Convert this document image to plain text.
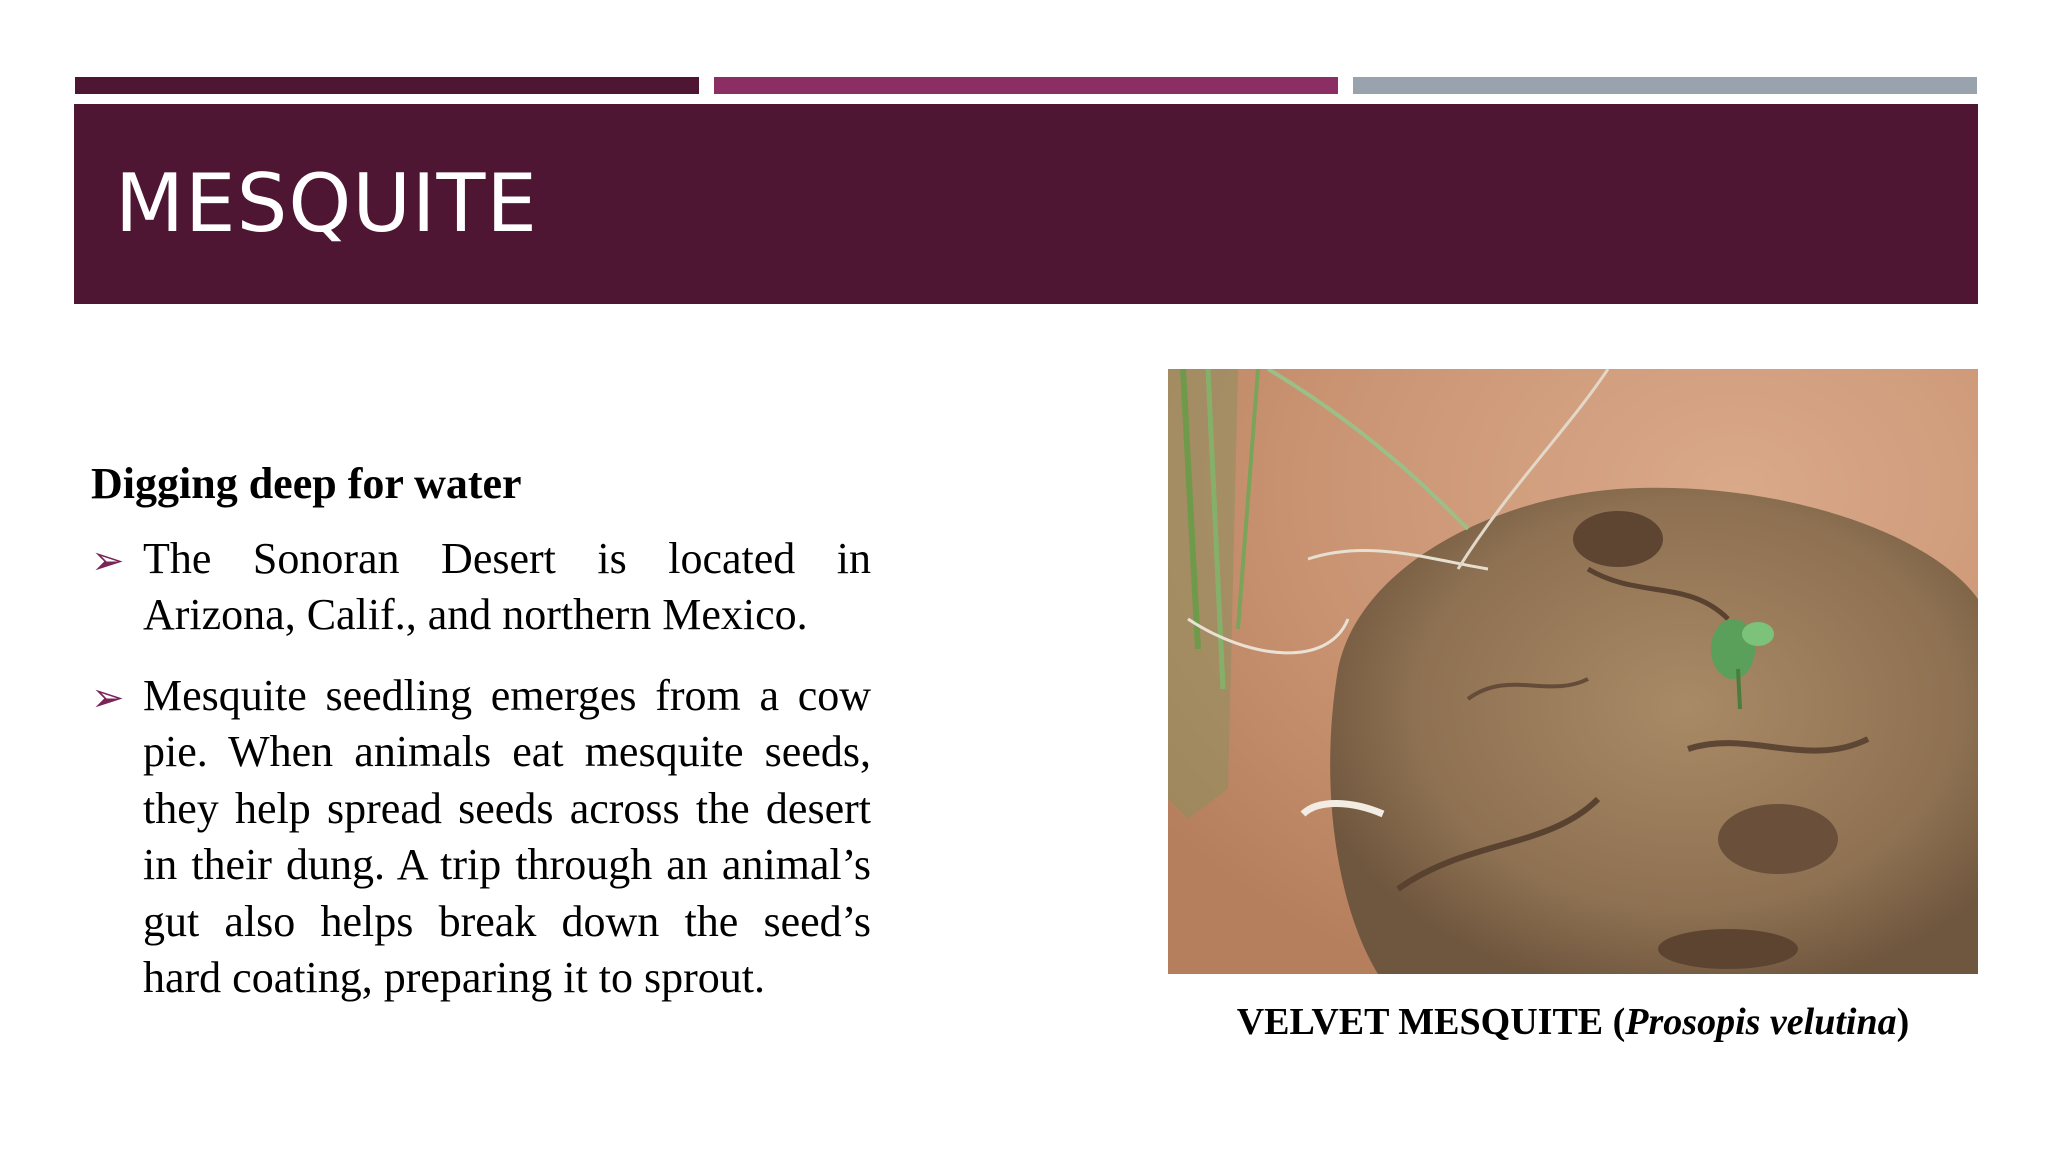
MESQUITE
Digging deep for water
➢ The Sonoran Desert is located in Arizona, Calif., and northern Mexico.
➢ Mesquite seedling emerges from a cow pie. When animals eat mesquite seeds, they help spread seeds across the desert in their dung. A trip through an animal’s gut also helps break down the seed’s hard coating, preparing it to sprout.
VELVET MESQUITE (Prosopis velutina)
